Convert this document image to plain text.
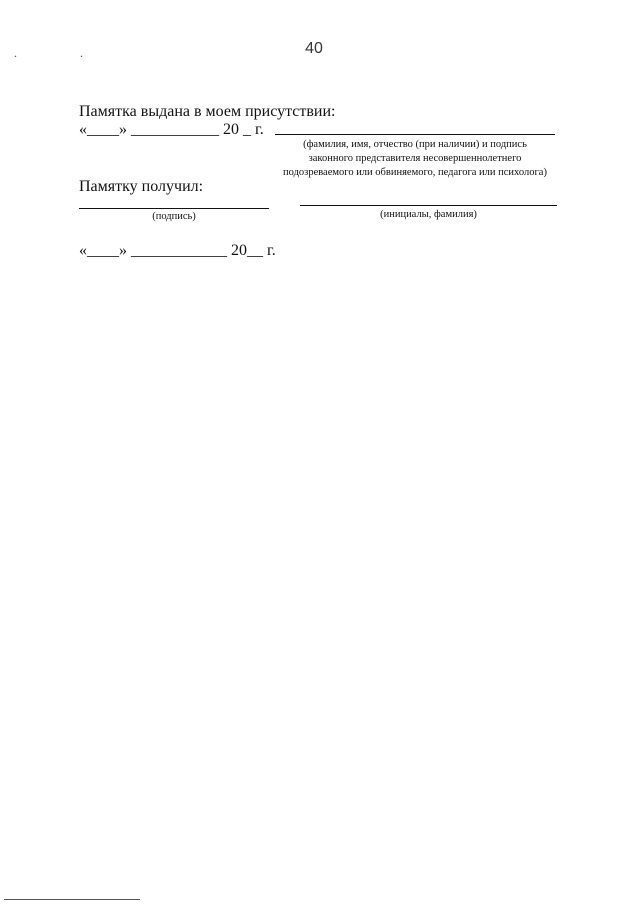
40
. .
Памятка выдана в моем присутствии:
«____» ___________ 20 _ г.
(фамилия, имя, отчество (при наличии) и подпись
законного представителя несовершеннолетнего
подозреваемого или обвиняемого, педагога или психолога)
Памятку получил:
(подпись)	(инициалы, фамилия)
«____» ____________ 20__ г.
